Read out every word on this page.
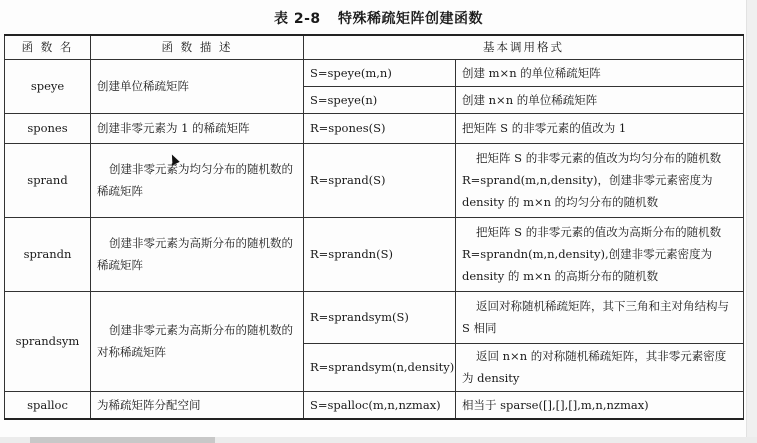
表 2-8 特殊稀疏矩阵创建函数
函 数 名	函 数 描 述	基本调用格式	
speye	创建单位稀疏矩阵	S=speye(m,n)	创建 m×n 的单位稀疏矩阵
		S=speye(n)	创建 n×n 的单位稀疏矩阵
spones	创建非零元素为 1 的稀疏矩阵	R=spones(S)	把矩阵 S 的非零元素的值改为 1
sprand	创建非零元素为均匀分布的随机数的稀疏矩阵	R=sprand(S)	把矩阵 S 的非零元素的值改为均匀分布的随机数 R=sprand(m,n,density)，创建非零元素密度为 density 的 m×n 的均匀分布的随机数
sprandn	创建非零元素为高斯分布的随机数的稀疏矩阵	R=sprandn(S)	把矩阵 S 的非零元素的值改为高斯分布的随机数 R=sprandn(m,n,density),创建非零元素密度为 density 的 m×n 的高斯分布的随机数
sprandsym	创建非零元素为高斯分布的随机数的对称稀疏矩阵	R=sprandsym(S)	返回对称随机稀疏矩阵，其下三角和主对角结构与 S 相同
		R=sprandsym(n,density)	返回 n×n 的对称随机稀疏矩阵，其非零元素密度为 density
spalloc	为稀疏矩阵分配空间	S=spalloc(m,n,nzmax)	相当于 sparse([],[],[],m,n,nzmax)
